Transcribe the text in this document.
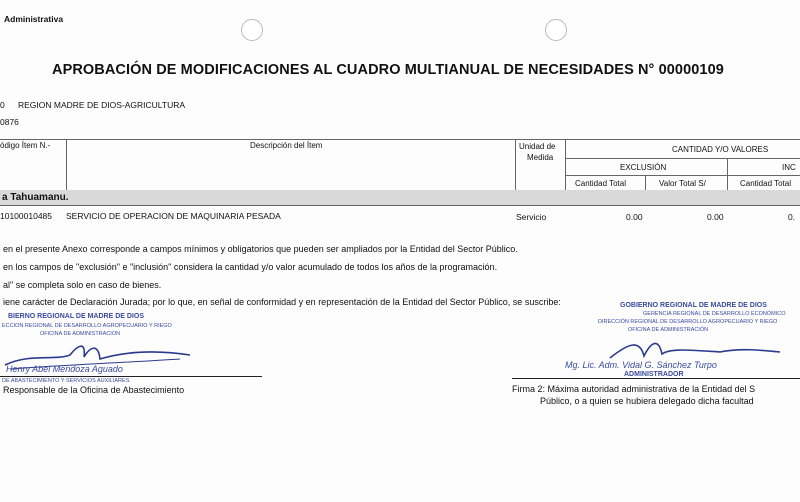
Administrativa
APROBACIÓN DE MODIFICACIONES AL CUADRO MULTIANUAL DE NECESIDADES N° 00000109
0 REGION MADRE DE DIOS-AGRICULTURA
0876
ódigo Ítem N.-	Descripción del Ítem	Unidad de
Medida
CANTIDAD Y/O VALORES
EXCLUSIÓN	INC
Cantidad Total	Valor Total S/	Cantidad Total
a Tahuamanu.
10100010485 SERVICIO DE OPERACION DE MAQUINARIA PESADA	Servicio	0.00	0.00	0.
en el presente Anexo corresponde a campos mínimos y obligatorios que pueden ser ampliados por la Entidad del Sector Público.
en los campos de "exclusión" e "inclusión" considera la cantidad y/o valor acumulado de todos los años de la programación.
al" se completa solo en caso de bienes.
iene carácter de Declaración Jurada; por lo que, en señal de conformidad y en representación de la Entidad del Sector Público, se suscribe:
BIERNO REGIONAL DE MADRE DE DIOS
ECCION REGIONAL DE DESARROLLO AGROPECUARIO Y RIEGO
OFICINA DE ADMINISTRACION
Henry Abel Mendoza Aguado
DE ABASTECIMIENTO Y SERVICIOS AUXILIARES
Responsable de la Oficina de Abastecimiento
GOBIERNO REGIONAL DE MADRE DE DIOS
GERENCIA REGIONAL DE DESARROLLO ECONÓMICO
DIRECCIÓN REGIONAL DE DESARROLLO AGROPECUARIO Y RIEGO
OFICINA DE ADMINISTRACIÓN
Mg. Lic. Adm. Vidal G. Sánchez Turpo
ADMINISTRADOR
Firma 2: Máxima autoridad administrativa de la Entidad del S
Público, o a quien se hubiera delegado dicha facultad
